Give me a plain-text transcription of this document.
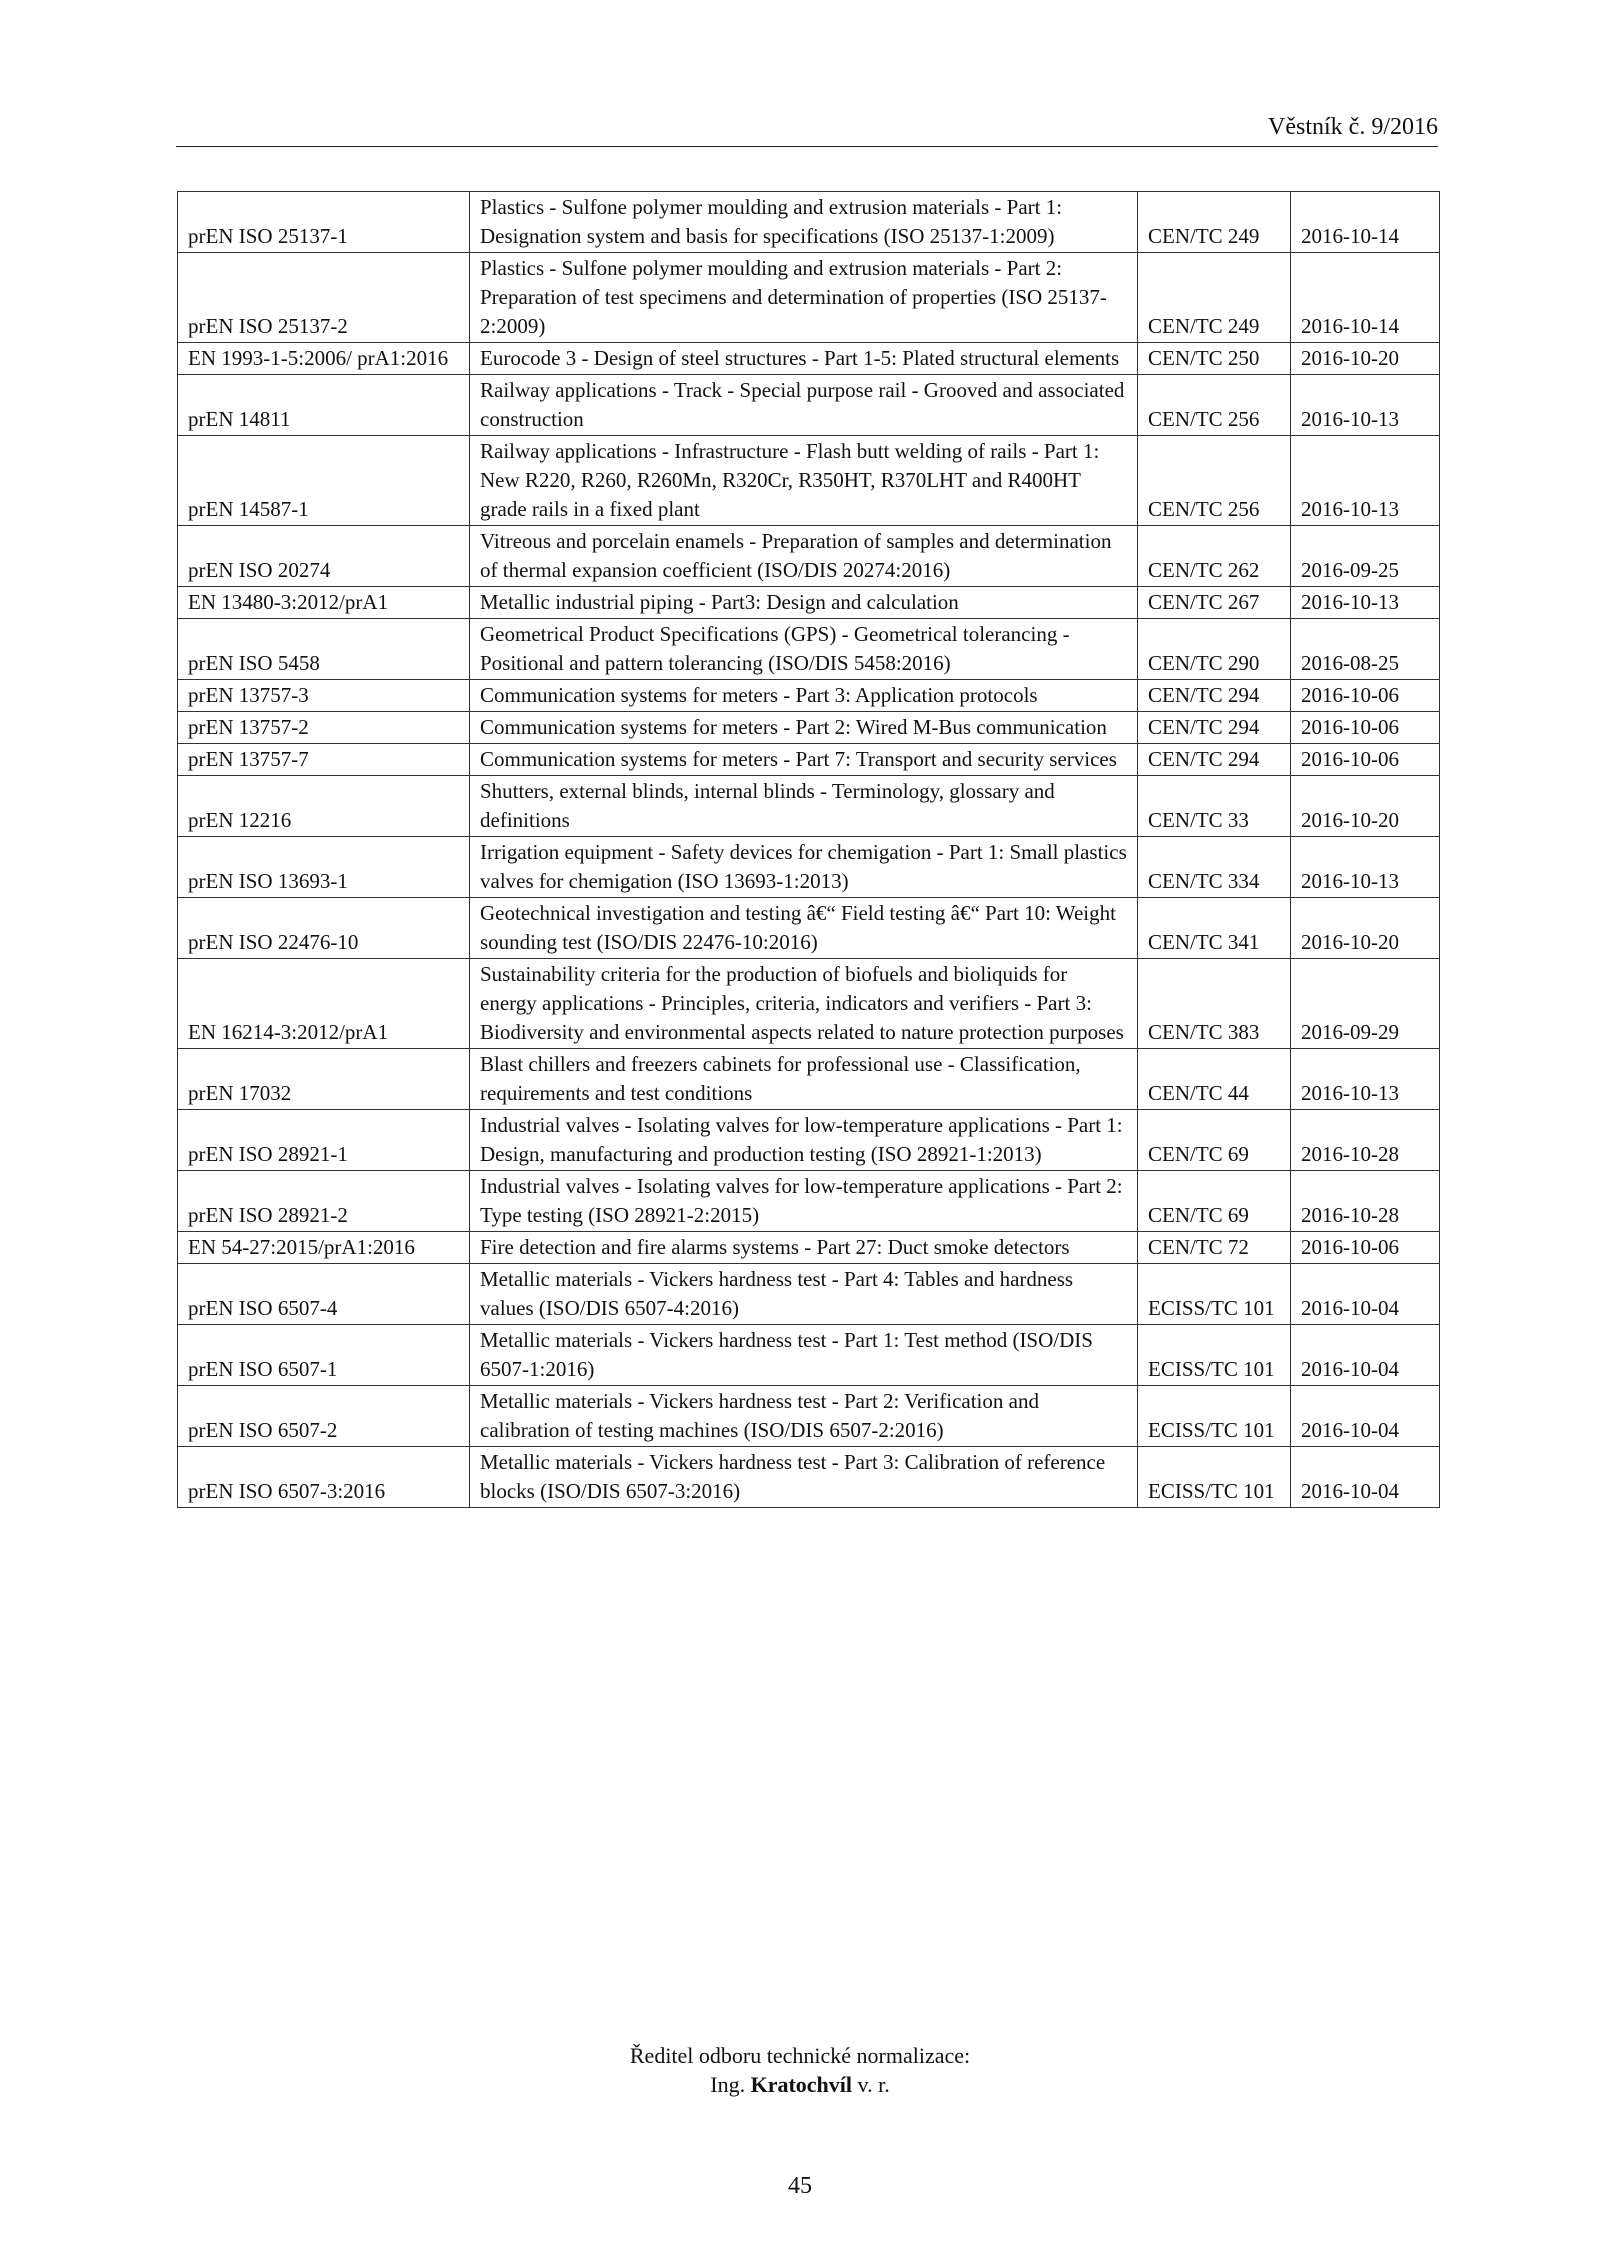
Věstník č. 9/2016
prEN ISO 25137-1	Plastics - Sulfone polymer moulding and extrusion materials - Part 1: Designation system and basis for specifications (ISO 25137-1:2009)	CEN/TC 249	2016-10-14
prEN ISO 25137-2	Plastics - Sulfone polymer moulding and extrusion materials - Part 2: Preparation of test specimens and determination of properties (ISO 25137-2:2009)	CEN/TC 249	2016-10-14
EN 1993-1-5:2006/ prA1:2016	Eurocode 3 - Design of steel structures - Part 1-5: Plated structural elements	CEN/TC 250	2016-10-20
prEN 14811	Railway applications - Track - Special purpose rail - Grooved and associated construction	CEN/TC 256	2016-10-13
prEN 14587-1	Railway applications - Infrastructure - Flash butt welding of rails - Part 1: New R220, R260, R260Mn, R320Cr, R350HT, R370LHT and R400HT grade rails in a fixed plant	CEN/TC 256	2016-10-13
prEN ISO 20274	Vitreous and porcelain enamels - Preparation of samples and determination of thermal expansion coefficient (ISO/DIS 20274:2016)	CEN/TC 262	2016-09-25
EN 13480-3:2012/prA1	Metallic industrial piping - Part3: Design and calculation	CEN/TC 267	2016-10-13
prEN ISO 5458	Geometrical Product Specifications (GPS) - Geometrical tolerancing - Positional and pattern tolerancing (ISO/DIS 5458:2016)	CEN/TC 290	2016-08-25
prEN 13757-3	Communication systems for meters - Part 3: Application protocols	CEN/TC 294	2016-10-06
prEN 13757-2	Communication systems for meters - Part 2: Wired M-Bus communication	CEN/TC 294	2016-10-06
prEN 13757-7	Communication systems for meters - Part 7: Transport and security services	CEN/TC 294	2016-10-06
prEN 12216	Shutters, external blinds, internal blinds - Terminology, glossary and definitions	CEN/TC 33	2016-10-20
prEN ISO 13693-1	Irrigation equipment - Safety devices for chemigation - Part 1: Small plastics valves for chemigation (ISO 13693-1:2013)	CEN/TC 334	2016-10-13
prEN ISO 22476-10	Geotechnical investigation and testing â€“ Field testing â€“ Part 10: Weight sounding test (ISO/DIS 22476-10:2016)	CEN/TC 341	2016-10-20
EN 16214-3:2012/prA1	Sustainability criteria for the production of biofuels and bioliquids for energy applications - Principles, criteria, indicators and verifiers - Part 3: Biodiversity and environmental aspects related to nature protection purposes	CEN/TC 383	2016-09-29
prEN 17032	Blast chillers and freezers cabinets for professional use - Classification, requirements and test conditions	CEN/TC 44	2016-10-13
prEN ISO 28921-1	Industrial valves - Isolating valves for low-temperature applications - Part 1: Design, manufacturing and production testing (ISO 28921-1:2013)	CEN/TC 69	2016-10-28
prEN ISO 28921-2	Industrial valves - Isolating valves for low-temperature applications - Part 2: Type testing (ISO 28921-2:2015)	CEN/TC 69	2016-10-28
EN 54-27:2015/prA1:2016	Fire detection and fire alarms systems - Part 27: Duct smoke detectors	CEN/TC 72	2016-10-06
prEN ISO 6507-4	Metallic materials - Vickers hardness test - Part 4: Tables and hardness values (ISO/DIS 6507-4:2016)	ECISS/TC 101	2016-10-04
prEN ISO 6507-1	Metallic materials - Vickers hardness test - Part 1: Test method (ISO/DIS 6507-1:2016)	ECISS/TC 101	2016-10-04
prEN ISO 6507-2	Metallic materials - Vickers hardness test - Part 2: Verification and calibration of testing machines (ISO/DIS 6507-2:2016)	ECISS/TC 101	2016-10-04
prEN ISO 6507-3:2016	Metallic materials - Vickers hardness test - Part 3: Calibration of reference blocks (ISO/DIS 6507-3:2016)	ECISS/TC 101	2016-10-04
Ředitel odboru technické normalizace:
Ing. Kratochvíl v. r.
45
